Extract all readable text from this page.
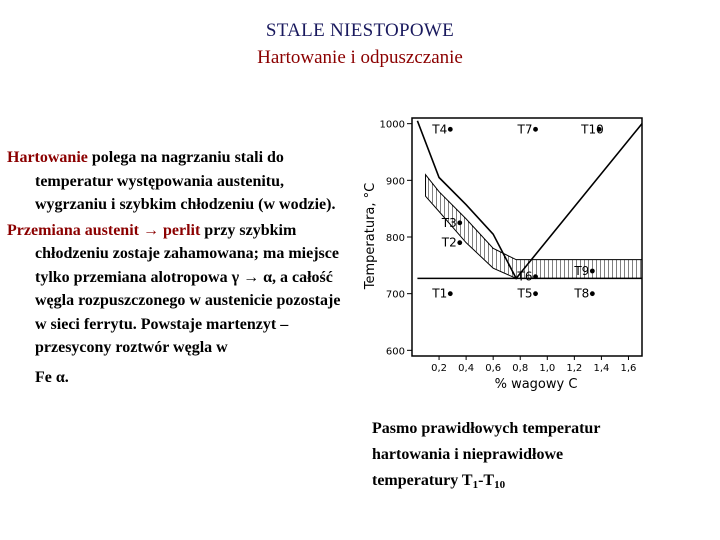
STALE NIESTOPOWE
Hartowanie i odpuszczanie

Hartowanie polega na nagrzaniu stali do temperatur występowania austenitu, wygrzaniu i szybkim chłodzeniu (w wodzie).

Przemiana austenit → perlit przy szybkim chłodzeniu zostaje zahamowana; ma miejsce tylko przemiana alotropowa γ → α, a całość węgla rozpuszczonego w austenicie pozostaje w sieci ferrytu. Powstaje martenzyt – przesycony roztwór węgla w

Fe α.
Temperatura, °C
% wagowy C
1000
900
800
700
600
0,2 0,4 0,6 0,8 1,0 1,2 1,4 1,6
T4	T7	T10
T3
T2
T6	T9
T1	T5	T8
Pasmo prawidłowych temperatur
hartowania i nieprawidłowe
temperatury $T_1-T_{10}$
